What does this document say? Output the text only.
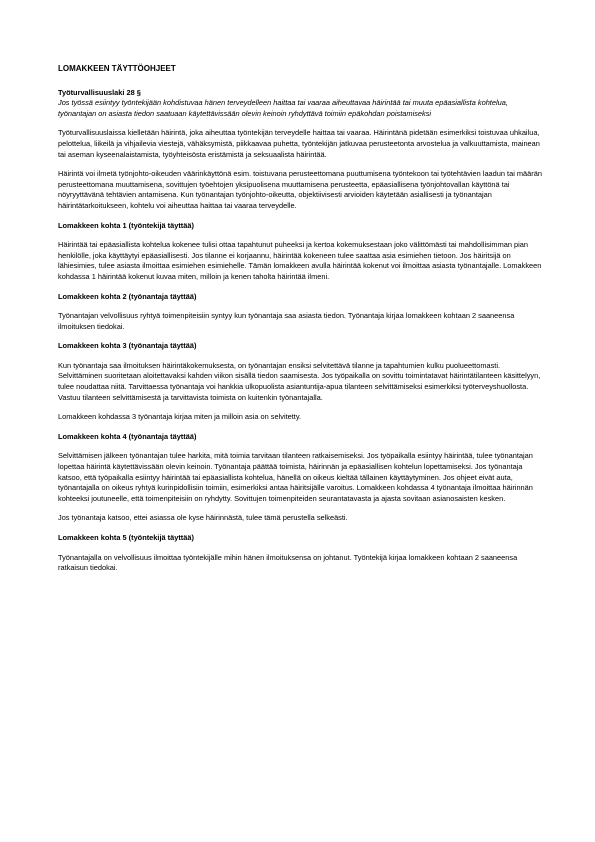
LOMAKKEEN TÄYTTÖOHJEET
Työturvallisuuslaki 28 §
Jos työssä esiintyy työntekijään kohdistuvaa hänen terveydelleen haittaa tai vaaraa aiheuttavaa häirintää tai muuta epäasiallista kohtelua, työnantajan on asiasta tiedon saatuaan käytettävissään olevin keinoin ryhdyttävä toimiin epäkohdan poistamiseksi

Työturvallisuuslaissa kielletään häirintä, joka aiheuttaa työntekijän terveydelle haittaa tai vaaraa. Häirintänä pidetään esimerkiksi toistuvaa uhkailua, pelottelua, liikeilä ja vihjailevia viestejä, vähäksymistä, piikkaavaa puhetta, työntekijän jatkuvaa perusteetonta arvostelua ja valkuuttamista, mainean tai aseman kyseenalaistamista, työyhteisösta eristämistä ja seksuaalista häirintää.

Häirintä voi ilmetä työnjohto-oikeuden väärinkäyttönä esim. toistuvana perusteettomana puuttumisena työntekoon tai työtehtävien laadun tai määrän perusteettomana muuttamisena, sovittujen työehtojen yksipuolisena muuttamisena perusteetta, epäasiallisena työnjohtovallan käyttönä tai nöyryyttävänä tehtävien antamisena. Kun työnantajan työnjohto-oikeutta, objektiivisesti arvioiden käytetään asiallisesti ja työnantajan häirintätarkoitukseen, kohtelu voi aiheuttaa haittaa tai vaaraa terveydelle.

Lomakkeen kohta 1 (työntekijä täyttää)

Häirintää tai epäasiallista kohtelua kokenee tulisi ottaa tapahtunut puheeksi ja kertoa kokemuksestaan joko välittömästi tai mahdollisimman pian henkilölle, joka käyttäytyi epäasiallisesti. Jos tilanne ei korjaannu, häirintää kokeneen tulee saattaa asia esimiehen tietoon. Jos häiritsijä on lähiesimies, tulee asiasta ilmoittaa esimiehen esimiehelle. Tämän lomakkeen avulla häirintää kokenut voi ilmoittaa asiasta työnantajalle. Lomakkeen kohdassa 1 häirintää kokenut kuvaa miten, milloin ja kenen taholta häirintää ilmeni.

Lomakkeen kohta 2 (työnantaja täyttää)

Työnantajan velvollisuus ryhtyä toimenpiteisiin syntyy kun työnantaja saa asiasta tiedon. Työnantaja kirjaa lomakkeen kohtaan 2 saaneensa ilmoituksen tiedokai.

Lomakkeen kohta 3 (työnantaja täyttää)

Kun työnantaja saa ilmoituksen häirintäkokemuksesta, on työnantajan ensiksi selvitettävä tilanne ja tapahtumien kulku puolueettomasti. Selvittäminen suoritetaan aloitettavaksi kahden viikon sisällä tiedon saamisesta. Jos työpaikalla on sovittu toimintatavat häirintätilanteen käsittelyyn, tulee noudattaa niitä. Tarvittaessa työnantaja voi hankkia ulkopuolista asiantuntija-apua tilanteen selvittämiseksi esimerkiksi työterveyshuollosta. Vastuu tilanteen selvittämisestä ja tarvittavista toimista on kuitenkin työnantajalla.

Lomakkeen kohdassa 3 työnantaja kirjaa miten ja milloin asia on selvitetty.

Lomakkeen kohta 4 (työnantaja täyttää)

Selvittämisen jälkeen työnantajan tulee harkita, mitä toimia tarvitaan tilanteen ratkaisemiseksi. Jos työpaikalla esiintyy häirintää, tulee työnantajan lopettaa häirintä käytettävissään olevin keinoin. Työnantaja päättää toimista, häirinnän ja epäasiallisen kohtelun lopettamiseksi. Jos työnantaja katsoo, että työpaikalla esiintyy häirintää tai epäasiallista kohtelua, hänellä on oikeus kieltää tällainen käyttäytyminen. Jos ohjeet eivät auta, työnantajalla on oikeus ryhtyä kurinpidollisiin toimiin, esimerkiksi antaa häiritsijälle varoitus. Lomakkeen kohdassa 4 työnantaja ilmoittaa häirinnän kohteeksi joutuneelle, että toimenpiteisiin on ryhdytty. Sovittujen toimenpiteiden seurantatavasta ja ajasta sovitaan asianosaisten kesken.

Jos työnantaja katsoo, ettei asiassa ole kyse häirinnästä, tulee tämä perustella selkeästi.

Lomakkeen kohta 5 (työntekijä täyttää)

Työnantajalla on velvollisuus ilmoittaa työntekijälle mihin hänen ilmoituksensa on johtanut. Työntekijä kirjaa lomakkeen kohtaan 2 saaneensa ratkaisun tiedokai.
